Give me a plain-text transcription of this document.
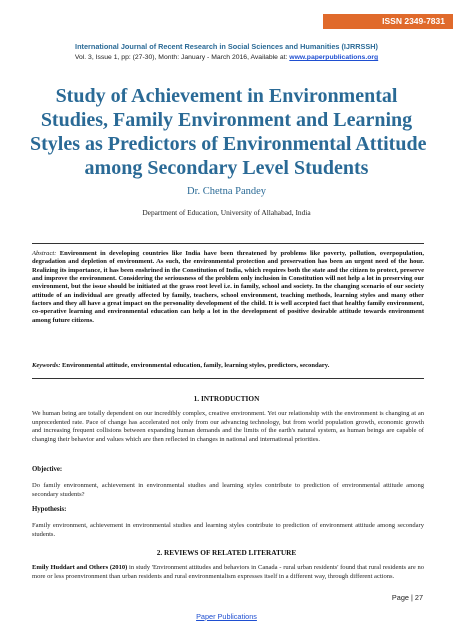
ISSN 2349-7831
International Journal of Recent Research in Social Sciences and Humanities (IJRRSSH)
Vol. 3, Issue 1, pp: (27-30), Month: January - March 2016, Available at: www.paperpublications.org
Study of Achievement in Environmental
Studies, Family Environment and Learning
Styles as Predictors of Environmental Attitude
among Secondary Level Students
Dr. Chetna Pandey
Department of Education, University of Allahabad, India
Abstract: Environment in developing countries like India have been threatened by problems like poverty, pollution, overpopulation, degradation and depletion of environment. As such, the environmental protection and preservation has been an urgent need of the hour. Realizing its importance, it has been enshrined in the Constitution of India, which requires both the state and the citizen to protect, preserve and improve the environment. Considering the seriousness of the problem only inclusion in Constitution will not help a lot in preserving our environment, but the issue should be initiated at the grass root level i.e. in family, school and society. In the changing scenario of our society attitude of an individual are greatly affected by family, teachers, school environment, teaching methods, learning styles and many other factors and they all have a great impact on the personality development of the child. It is well accepted fact that healthy family environment, co-operative learning and environmental education can help a lot in the development of positive desirable attitude towards environment among future citizens.
Keywords: Environmental attitude, environmental education, family, learning styles, predictors, secondary.
1. INTRODUCTION
We human being are totally dependent on our incredibly complex, creative environment. Yet our relationship with the environment is changing at an unprecedented rate. Pace of change has accelerated not only from our advancing technology, but from world population growth, economic growth and increasing frequent collisions between expanding human demands and the limits of the earth's natural system, as human beings are capable of changing their behavior and values which are then reflected in changes in national and international priorities.
Objective:
Do family environment, achievement in environmental studies and learning styles contribute to prediction of environmental attitude among secondary students?
Hypothesis:
Family environment, achievement in environmental studies and learning styles contribute to prediction of environment attitude among secondary students.
2. REVIEWS OF RELATED LITERATURE
Emily Huddart and Others (2010) in study 'Environment attitudes and behaviors in Canada - rural urban residents' found that rural residents are no more or less proenvironment than urban residents and rural environmentalism expresses itself in a different way, through different actions.
Page | 27
Paper Publications
